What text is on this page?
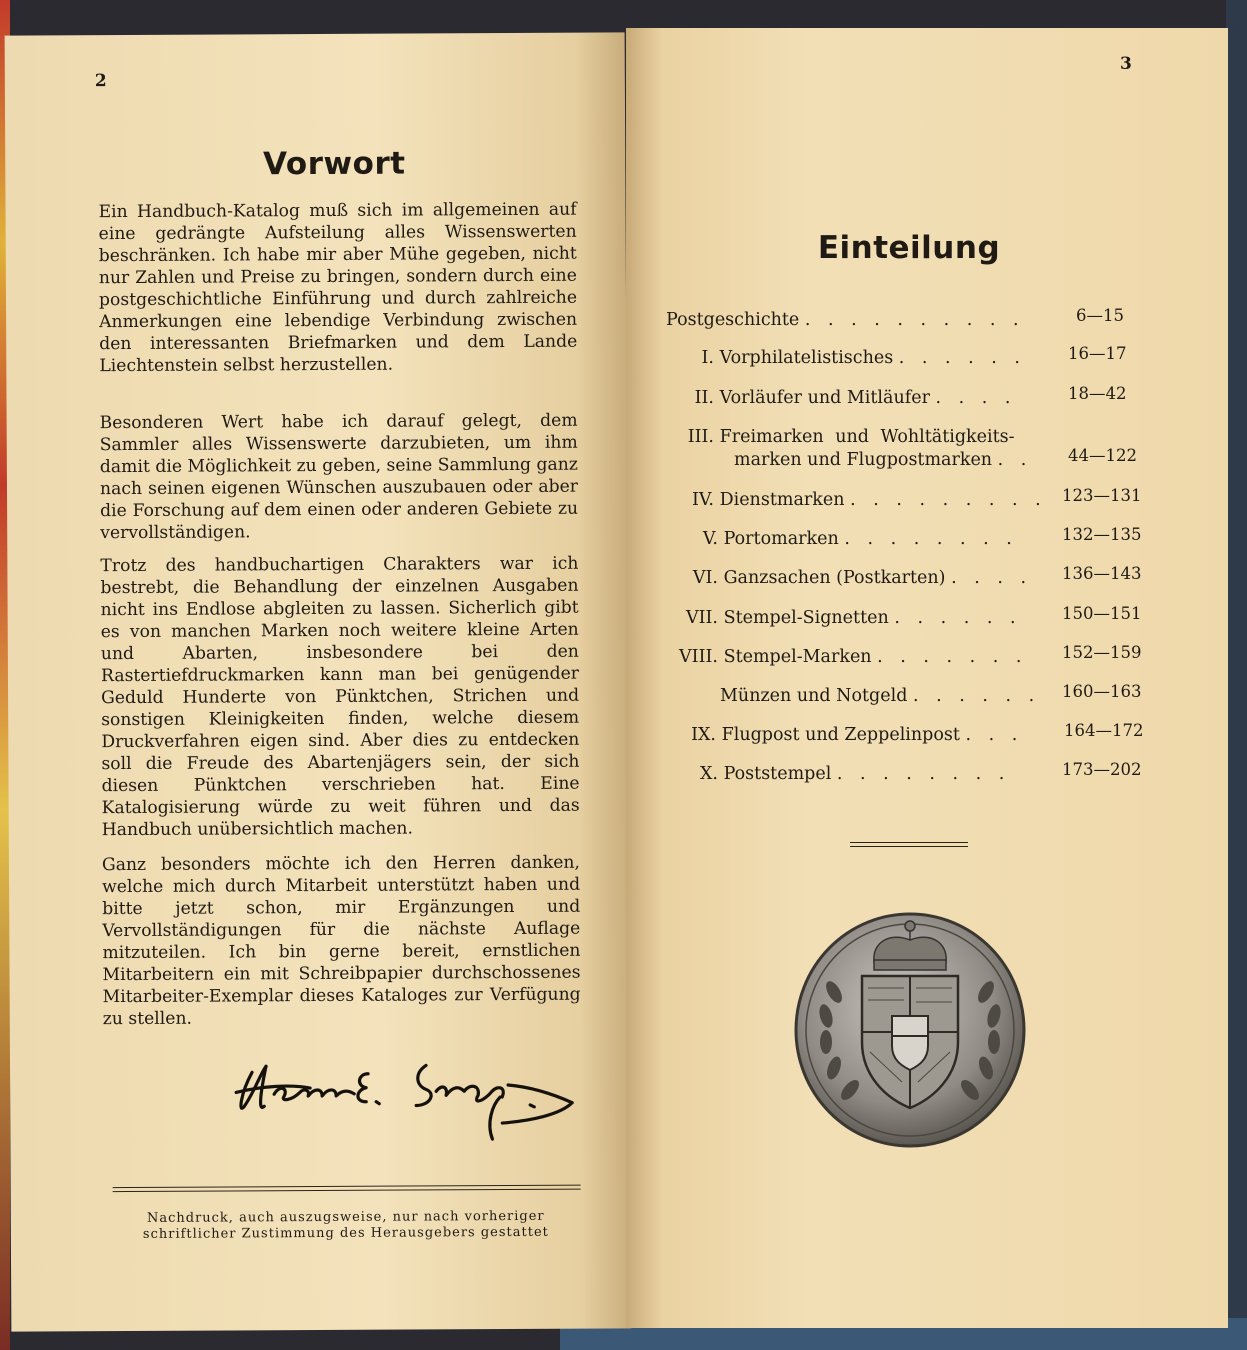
2
Vorwort

Ein Handbuch-Katalog muß sich im allgemeinen auf eine gedrängte Aufsteilung alles Wissenswerten beschränken. Ich habe mir aber Mühe gegeben, nicht nur Zahlen und Preise zu bringen, sondern durch eine postgeschichtliche Einführung und durch zahlreiche Anmerkungen eine lebendige Verbindung zwischen den interessanten Briefmarken und dem Lande Liechtenstein selbst herzustellen.

Besonderen Wert habe ich darauf gelegt, dem Sammler alles Wissenswerte darzubieten, um ihm damit die Möglichkeit zu geben, seine Sammlung ganz nach seinen eigenen Wünschen auszubauen oder aber die Forschung auf dem einen oder anderen Gebiete zu vervollständigen.

Trotz des handbuchartigen Charakters war ich bestrebt, die Behandlung der einzelnen Ausgaben nicht ins Endlose abgleiten zu lassen. Sicherlich gibt es von manchen Marken noch weitere kleine Arten und Abarten, insbesondere bei den Rastertiefdruckmarken kann man bei genügender Geduld Hunderte von Pünktchen, Strichen und sonstigen Kleinigkeiten finden, welche diesem Druckverfahren eigen sind. Aber dies zu entdecken soll die Freude des Abartenjägers sein, der sich diesen Pünktchen verschrieben hat. Eine Katalogisierung würde zu weit führen und das Handbuch unübersichtlich machen.

Ganz besonders möchte ich den Herren danken, welche mich durch Mitarbeit unterstützt haben und bitte jetzt schon, mir Ergänzungen und Vervollständigungen für die nächste Auflage mitzuteilen. Ich bin gerne bereit, ernstlichen Mitarbeitern ein mit Schreibpapier durchschossenes Mitarbeiter-Exemplar dieses Kataloges zur Verfügung zu stellen.

Nachdruck, auch auszugsweise, nur nach vorheriger
schriftlicher Zustimmung des Herausgebers gestattet
3
Einteilung
Postgeschichte . . . . . . . . . .	6—15
I. Vorphilatelistisches . . . . . .	16—17
II. Vorläufer und Mitläufer . . . .	18—42
III. Freimarken und Wohltätigkeits-
marken und Flugpostmarken . . 44—122
IV. Dienstmarken . . . . . . . . . 123—131
V. Portomarken . . . . . . . .	132—135
VI. Ganzsachen (Postkarten) . . . . 136—143
VII. Stempel-Signetten . . . . . . 150—151
VIII. Stempel-Marken . . . . . . . 152—159
Münzen und Notgeld . . . . . . 160—163
IX. Flugpost und Zeppelinpost . . . 164—172
X. Poststempel . . . . . . . .	173—202
